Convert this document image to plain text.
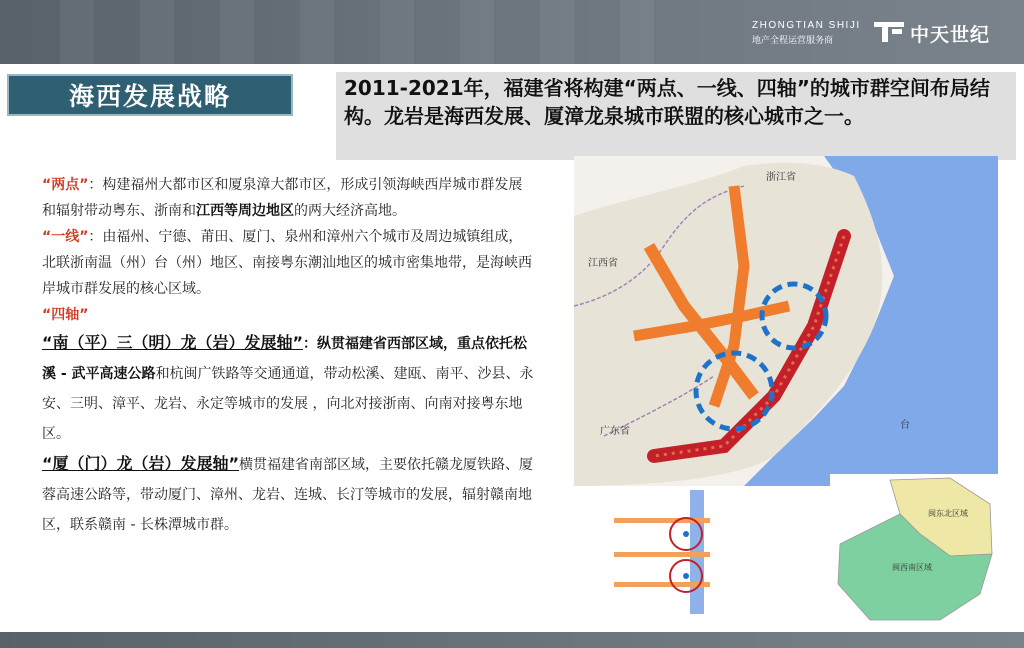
ZHONGTIAN SHIJI
地产全程运营服务商	中天世纪
海西发展战略	2011-2021年，福建省将构建“两点、一线、四轴”的城市群空间布局结构。龙岩是海西发展、厦漳龙泉城市联盟的核心城市之一。

“两点”：构建福州大都市区和厦泉漳大都市区，形成引领海峡西岸城市群发展和辐射带动粤东、浙南和江西等周边地区的两大经济高地。

“一线”：由福州、宁德、莆田、厦门、泉州和漳州六个城市及周边城镇组成，北联浙南温（州）台（州）地区、南接粤东潮汕地区的城市密集地带，是海峡西岸城市群发展的核心区域。

“四轴”

“南（平）三（明）龙（岩）发展轴”：纵贯福建省西部区域，重点依托松溪 - 武平高速公路和杭闽广铁路等交通通道，带动松溪、建瓯、南平、沙县、永安、三明、漳平、龙岩、永定等城市的发展 ，向北对接浙南、向南对接粤东地区。

“厦（门）龙（岩）发展轴”横贯福建省南部区域，主要依托赣龙厦铁路、厦蓉高速公路等，带动厦门、漳州、龙岩、连城、长汀等城市的发展，辐射赣南地区，联系赣南 - 长株潭城市群。

浙江省
江西省
广东省
台
闽东北区域
闽西南区域
